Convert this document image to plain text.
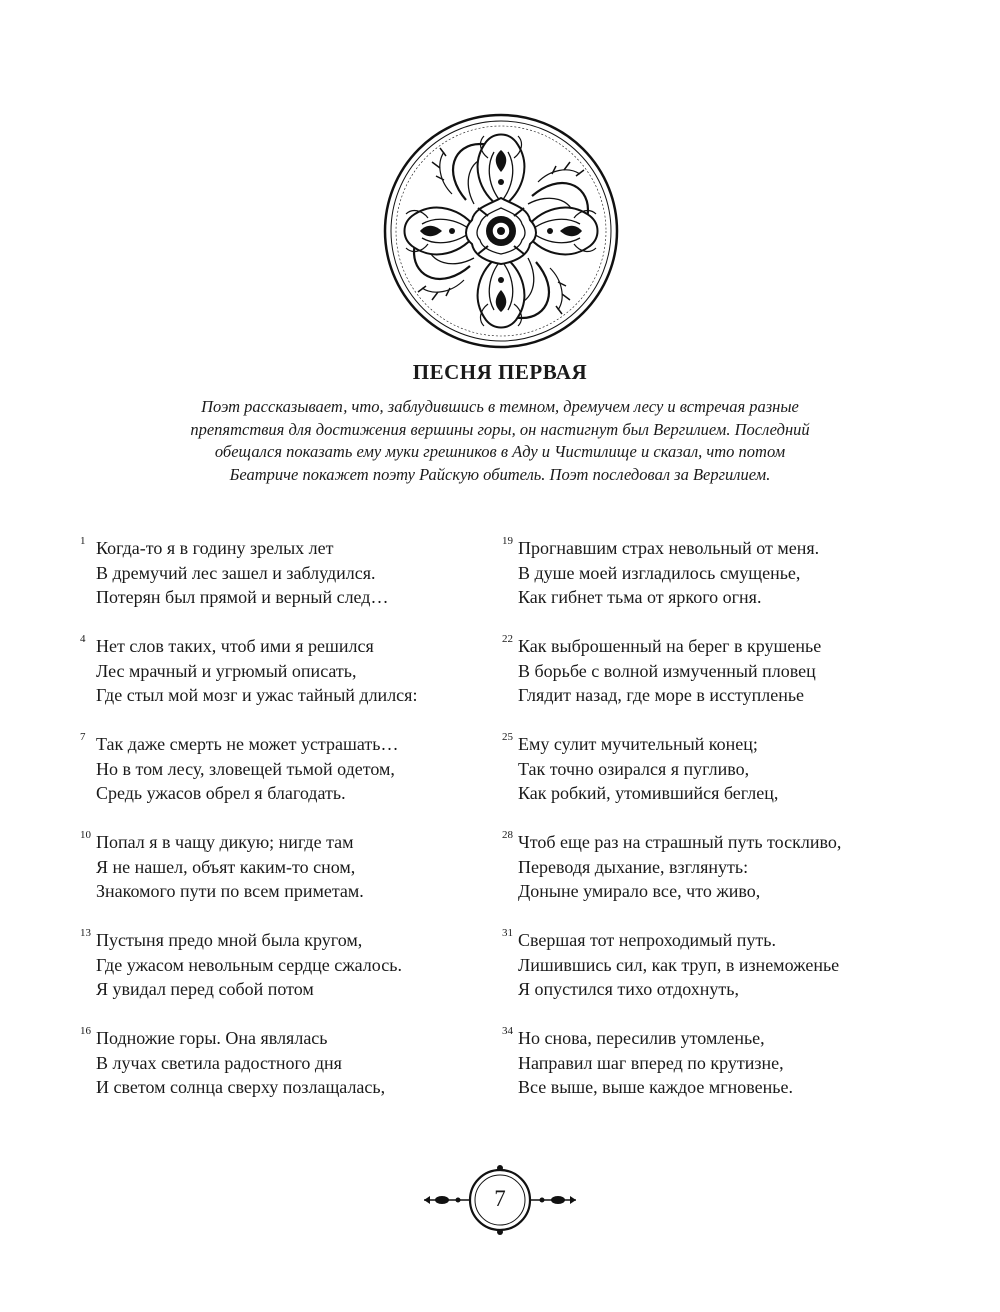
ПЕСНЯ ПЕРВАЯ
Поэт рассказывает, что, заблудившись в темном, дремучем лесу и встречая разные
препятствия для достижения вершины горы, он настигнут был Вергилием. Последний
обещался показать ему муки грешников в Аду и Чистилище и сказал, что потом
Беатриче покажет поэту Райскую обитель. Поэт последовал за Вергилием.
1 Когда-то я в годину зрелых лет
В дремучий лес зашел и заблудился.
Потерян был прямой и верный след…
4 Нет слов таких, чтоб ими я решился
Лес мрачный и угрюмый описать,
Где стыл мой мозг и ужас тайный длился:
7 Так даже смерть не может устрашать…
Но в том лесу, зловещей тьмой одетом,
Средь ужасов обрел я благодать.
10 Попал я в чащу дикую; нигде там
Я не нашел, объят каким-то сном,
Знакомого пути по всем приметам.
13 Пустыня предо мной была кругом,
Где ужасом невольным сердце сжалось.
Я увидал перед собой потом
16 Подножие горы. Она являлась
В лучах светила радостного дня
И светом солнца сверху позлащалась,
19 Прогнавшим страх невольный от меня.
В душе моей изгладилось смущенье,
Как гибнет тьма от яркого огня.
22 Как выброшенный на берег в крушенье
В борьбе с волной измученный пловец
Глядит назад, где море в исступленье
25 Ему сулит мучительный конец;
Так точно озирался я пугливо,
Как робкий, утомившийся беглец,
28 Чтоб еще раз на страшный путь тоскливо,
Переводя дыхание, взглянуть:
Доныне умирало все, что живо,
31 Свершая тот непроходимый путь.
Лишившись сил, как труп, в изнеможенье
Я опустился тихо отдохнуть,
34 Но снова, пересилив утомленье,
Направил шаг вперед по крутизне,
Все выше, выше каждое мгновенье.
7
